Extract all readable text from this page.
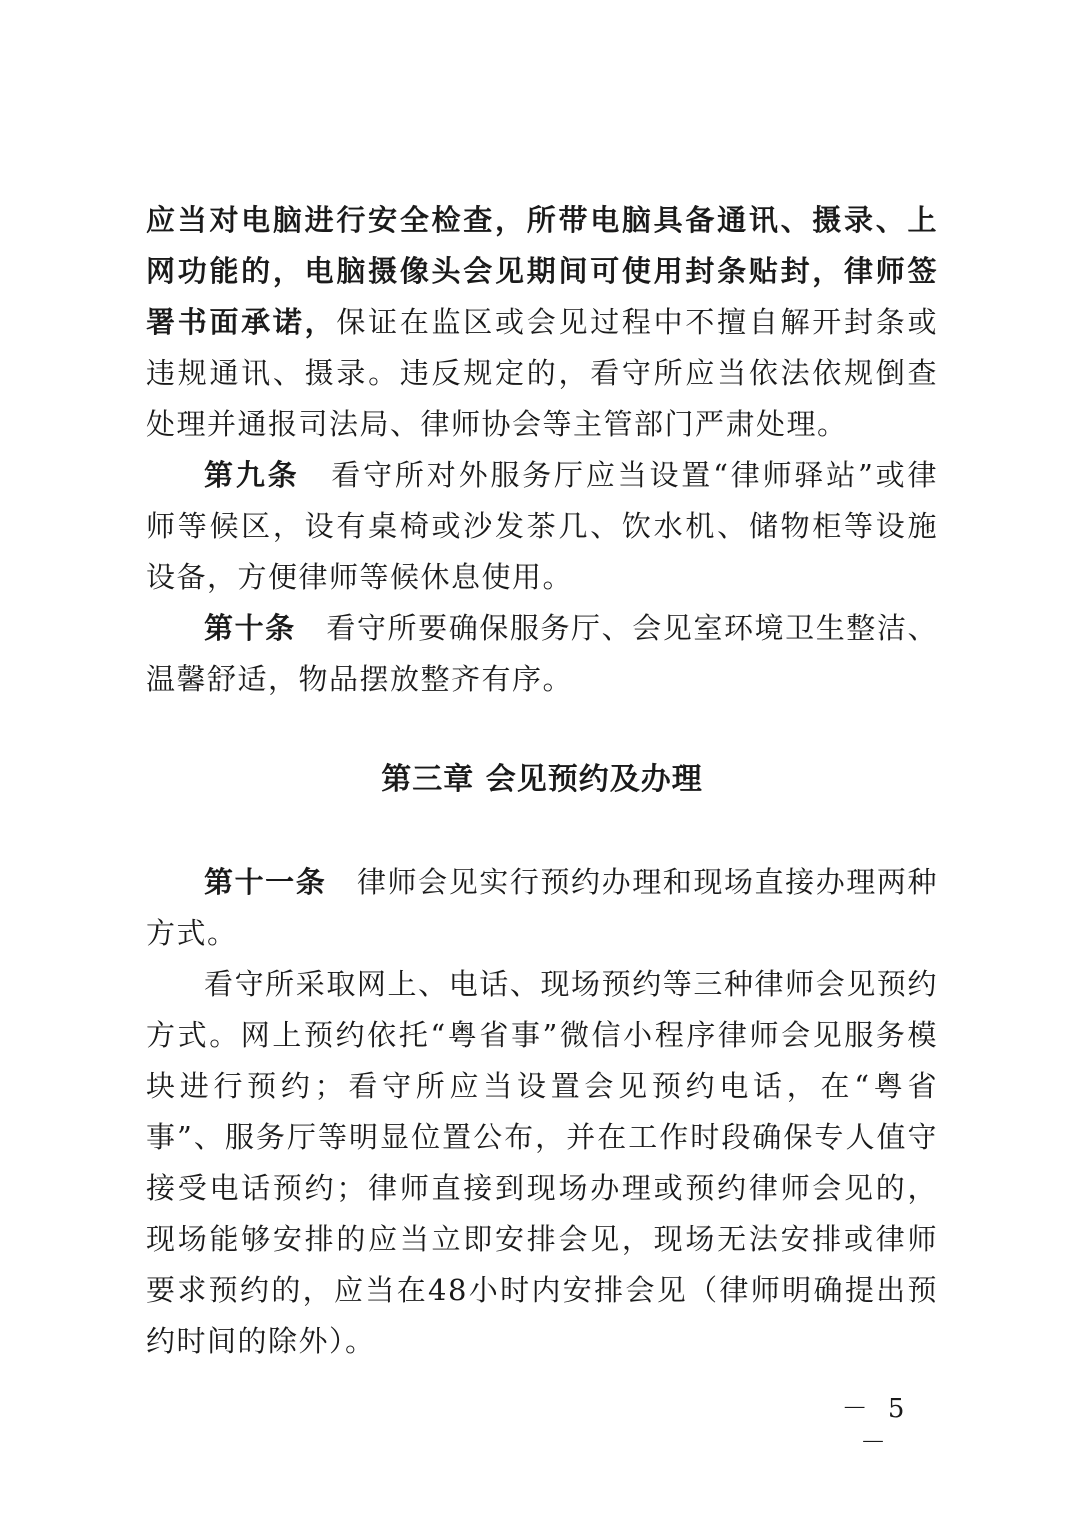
应当对电脑进行安全检查，所带电脑具备通讯、摄录、上网功能的，电脑摄像头会见期间可使用封条贴封，律师签署书面承诺，保证在监区或会见过程中不擅自解开封条或违规通讯、摄录。违反规定的，看守所应当依法依规倒查处理并通报司法局、律师协会等主管部门严肃处理。

第九条　 看守所对外服务厅应当设置“律师驿站”或律师等候区，设有桌椅或沙发茶几、饮水机、储物柜等设施设备，方便律师等候休息使用。

第十条　 看守所要确保服务厅、会见室环境卫生整洁、温馨舒适，物品摆放整齐有序。

第三章 会见预约及办理

第十一条　 律师会见实行预约办理和现场直接办理两种方式。

看守所采取网上、电话、现场预约等三种律师会见预约方式。网上预约依托“粤省事”微信小程序律师会见服务模块进行预约；看守所应当设置会见预约电话，在“粤省事”、服务厅等明显位置公布，并在工作时段确保专人值守接受电话预约；律师直接到现场办理或预约律师会见的，现场能够安排的应当立即安排会见，现场无法安排或律师要求预约的，应当在48小时内安排会见（律师明确提出预约时间的除外）。

－ 5 －
